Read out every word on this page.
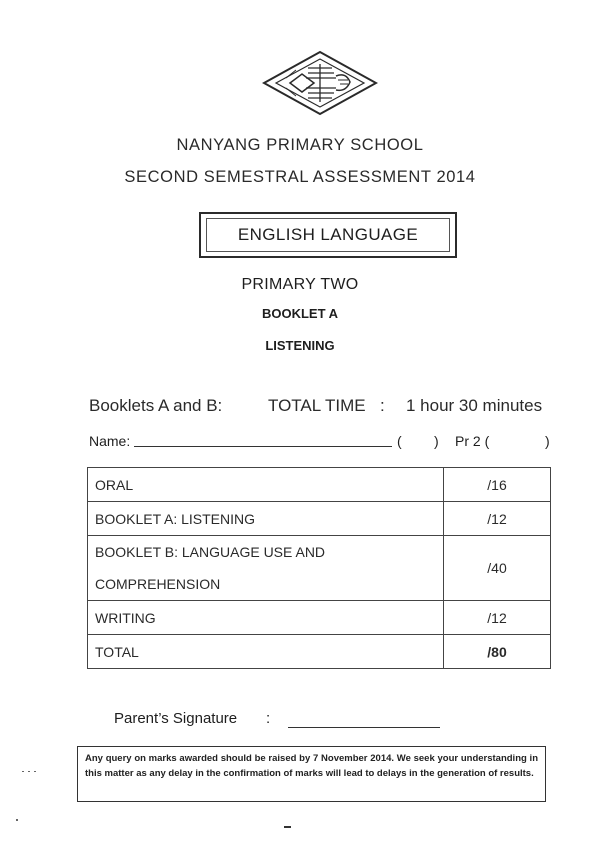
NANYANG PRIMARY SCHOOL
SECOND SEMESTRAL ASSESSMENT 2014
ENGLISH LANGUAGE
PRIMARY TWO
BOOKLET A
LISTENING
Booklets A and B:	TOTAL TIME : 1 hour 30 minutes
Name:	( ) Pr 2 (	)
ORAL	/16
BOOKLET A: LISTENING	/12
BOOKLET B: LANGUAGE USE AND
COMPREHENSION	/40
WRITING	/12
TOTAL	/80
Parent’s Signature :
Any query on marks awarded should be raised by 7 November 2014. We seek your understanding in this matter as any delay in the confirmation of marks will lead to delays in the generation of results.
